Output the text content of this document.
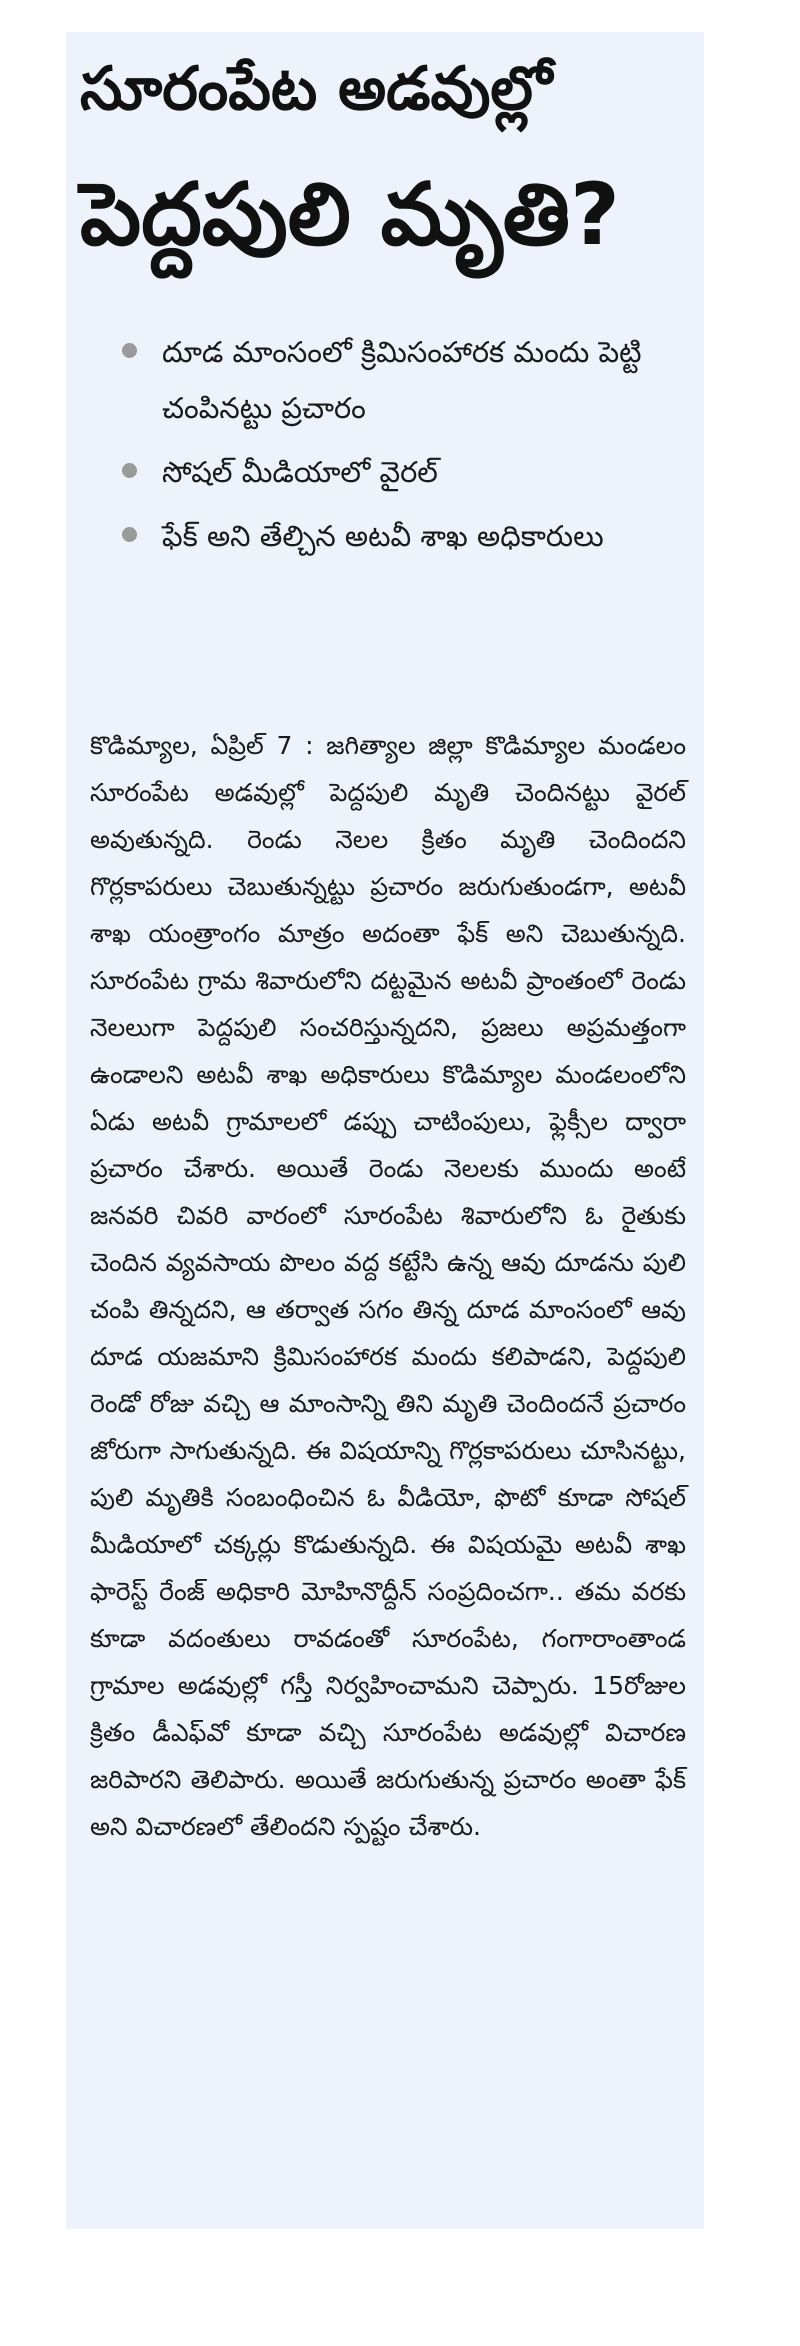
సూరంపేట అడవుల్లో
పెద్దపులి మృతి?
దూడ మాంసంలో క్రిమిసంహారక మందు పెట్టి చంపినట్టు ప్రచారం
సోషల్ మీడియాలో వైరల్
ఫేక్ అని తేల్చిన అటవీ శాఖ అధికారులు

కొడిమ్యాల, ఏప్రిల్ 7 : జగిత్యాల జిల్లా కొడిమ్యాల మండలం సూరంపేట అడవుల్లో పెద్దపులి మృతి చెందినట్టు వైరల్ అవుతున్నది. రెండు నెలల క్రితం మృతి చెందిందని గొర్లకాపరులు చెబుతున్నట్టు ప్రచారం జరుగుతుండగా, అటవీ శాఖ యంత్రాంగం మాత్రం అదంతా ఫేక్ అని చెబుతున్నది. సూరంపేట గ్రామ శివారులోని దట్టమైన అటవీ ప్రాంతంలో రెండు నెలలుగా పెద్దపులి సంచరిస్తున్నదని, ప్రజలు అప్రమత్తంగా ఉండాలని అటవీ శాఖ అధికారులు కొడిమ్యాల మండలంలోని ఏడు అటవీ గ్రామాలలో డప్పు చాటింపులు, ఫ్లెక్సీల ద్వారా ప్రచారం చేశారు. అయితే రెండు నెలలకు ముందు అంటే జనవరి చివరి వారంలో సూరంపేట శివారులోని ఓ రైతుకు చెందిన వ్యవసాయ పొలం వద్ద కట్టేసి ఉన్న ఆవు దూడను పులి చంపి తిన్నదని, ఆ తర్వాత సగం తిన్న దూడ మాంసంలో ఆవు దూడ యజమాని క్రిమిసంహారక మందు కలిపాడని, పెద్దపులి రెండో రోజు వచ్చి ఆ మాంసాన్ని తిని మృతి చెందిందనే ప్రచారం జోరుగా సాగుతున్నది. ఈ విషయాన్ని గొర్లకాపరులు చూసినట్టు, పులి మృతికి సంబంధించిన ఓ వీడియో, ఫొటో కూడా సోషల్ మీడియాలో చక్కర్లు కొడుతున్నది. ఈ విషయమై అటవీ శాఖ ఫారెస్ట్ రేంజ్ అధికారి మోహినొద్దీన్ సంప్రదించగా.. తమ వరకు కూడా వదంతులు రావడంతో సూరంపేట, గంగారాంతాండ గ్రామాల అడవుల్లో గస్తీ నిర్వహించామని చెప్పారు. 15రోజుల క్రితం డీఎఫ్‌వో కూడా వచ్చి సూరంపేట అడవుల్లో విచారణ జరిపారని తెలిపారు. అయితే జరుగుతున్న ప్రచారం అంతా ఫేక్ అని విచారణలో తేలిందని స్పష్టం చేశారు.
